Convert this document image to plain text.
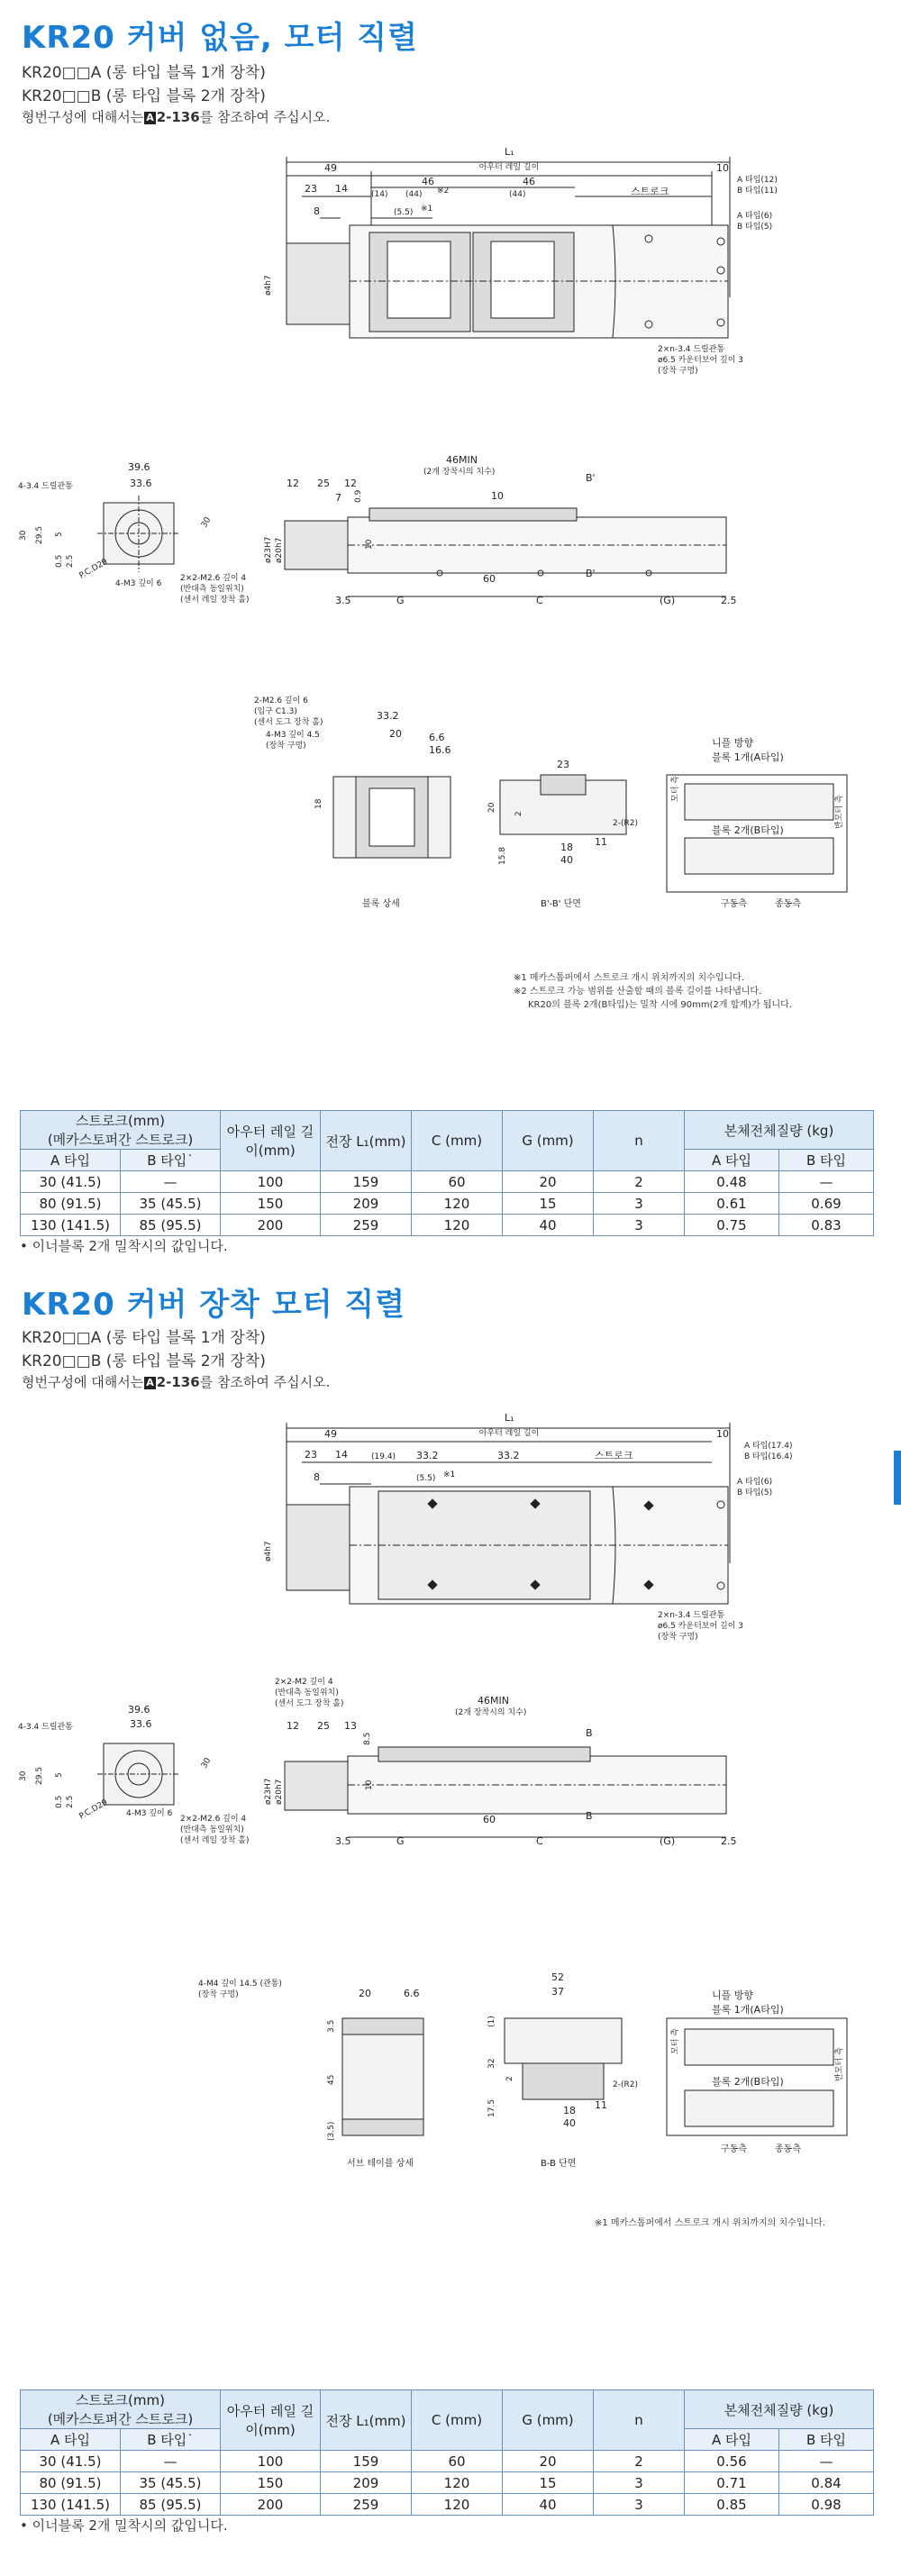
KR20 커버 없음, 모터 직렬
KR20□□A (롱 타입 블록 1개 장착)
KR20□□B (롱 타입 블록 2개 장착)
형번구성에 대해서는 A 2-136를 참조하여 주십시오.
L₁
아우터 레일 길이
49	10
23 14	(14)
46	46
(44)	(44)
※2	스트로크
8	(5.5) ※1
ø4h7
A 타입(12)
B 타입(11)
A 타입(6)
B 타입(5)
2×n-3.4 드릴관통
ø6.5 카운터보어 깊이 3
(장착 구멍)
4-3.4 드릴관통
39.6
33.6
30 29.5 5
0.5 2.5
30
P.C.D29
4-M3 깊이 6
12 25 12
7
46MIN
(2개 장착시의 치수)
0.9	10
10
ø23H7 ø20h7
2×2-M2.6 깊이 4
(반대측 동일위치)
(센서 레일 장착 홀)	3.5	G
60
C	(G)	2.5
B'
B'
2-M2.6 깊이 6
(입구 C1.3)
(센서 도그 장착 홀)
4-M3 깊이 4.5
(장착 구멍)
33.2
20	6.6
16.6
18
블록 상세
23
20
2
15.8	18
40
11
2-(R2)
B'-B' 단면
니플 방향
블록 1개(A타입)
블록 2개(B타입)
모터 측
반모터 측
구동측	종동측
※1 메카스톱퍼에서 스트로크 개시 위치까지의 치수입니다.
※2 스트로크 가능 범위를 산출할 때의 블록 길이를 나타냅니다.
KR20의 블록 2개(B타입)는 밀착 시에 90mm(2개 합계)가 됩니다.
스트로크(mm)
(메카스토퍼간 스트로크)		아우터 레일 길이(mm)	전장 L₁(mm)	C (mm)	G (mm)	n	본체전체질량 (kg)	
A 타입	B 타입˙						A 타입	B 타입
30 (41.5)	—	100	159	60	20	2	0.48	—
80 (91.5)	35 (45.5)	150	209	120	15	3	0.61	0.69
130 (141.5)	85 (95.5)	200	259	120	40	3	0.75	0.83
• 이너블록 2개 밀착시의 값입니다.
KR20 커버 장착 모터 직렬
KR20□□A (롱 타입 블록 1개 장착)
KR20□□B (롱 타입 블록 2개 장착)
형번구성에 대해서는 A 2-136를 참조하여 주십시오.
L₁
아우터 레일 길이
49	10
23 14	(19.4) 33.2	33.2	스트로크
8	(5.5) ※1
ø4h7
A 타입(17.4)
B 타입(16.4)
A 타입(6)
B 타입(5)
2×n-3.4 드릴관통
ø6.5 카운터보어 깊이 3
(장착 구멍)
2×2-M2 깊이 4
(반대측 동일위치)
(센서 도그 장착 홀)
4-3.4 드릴관통
39.6
33.6
30 29.5 5
0.5 2.5
30
P.C.D29 4-M3 깊이 6
12 25 13
8.5
46MIN
(2개 장착시의 치수)
10
ø23H7 ø20h7
2×2-M2.6 깊이 4
(반대측 동일위치)
(센서 레일 장착 홀)	3.5	G
60
C	(G)	2.5
B
B
4-M4 깊이 14.5 (관통)
(장착 구멍)	20	6.6
3.5
45
(3.5)
서브 테이블 상세
52
37
(1)
32
2
17.5	18
40
11
2-(R2)
B-B 단면
니플 방향
블록 1개(A타입)
블록 2개(B타입)
모터 측
반모터 측
구동측	종동측
※1 메카스톱퍼에서 스트로크 개시 위치까지의 치수입니다.
스트로크(mm)
(메카스토퍼간 스트로크)		아우터 레일 길이(mm)	전장 L₁(mm)	C (mm)	G (mm)	n	본체전체질량 (kg)	
A 타입	B 타입˙						A 타입	B 타입
30 (41.5)	—	100	159	60	20	2	0.56	—
80 (91.5)	35 (45.5)	150	209	120	15	3	0.71	0.84
130 (141.5)	85 (95.5)	200	259	120	40	3	0.85	0.98
• 이너블록 2개 밀착시의 값입니다.
